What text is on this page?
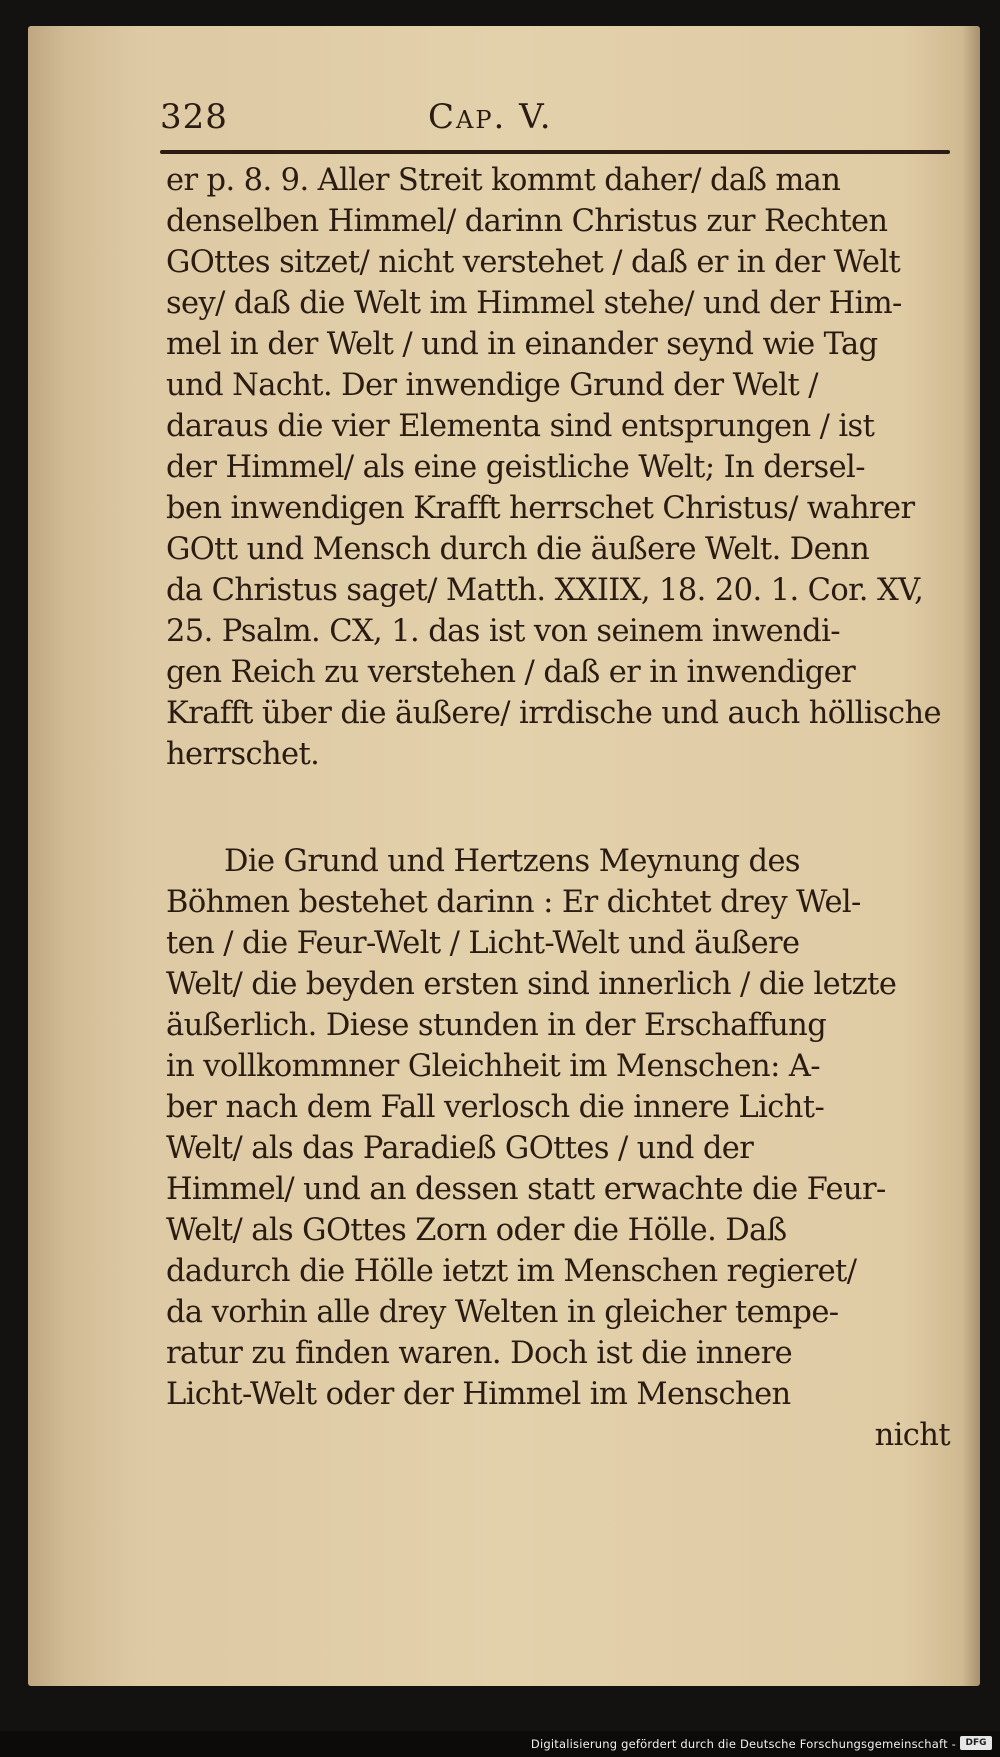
328	Cap. V.
er p. 8. 9. Aller Streit kommt daher/ daß man
denselben Himmel/ darinn Christus zur Rechten
GOttes sitzet/ nicht verstehet / daß er in der Welt
sey/ daß die Welt im Himmel stehe/ und der Him-
mel in der Welt / und in einander seynd wie Tag
und Nacht. Der inwendige Grund der Welt /
daraus die vier Elementa sind entsprungen / ist
der Himmel/ als eine geistliche Welt; In dersel-
ben inwendigen Krafft herrschet Christus/ wahrer
GOtt und Mensch durch die äußere Welt. Denn
da Christus saget/ Matth. XXIIX, 18. 20. 1. Cor. XV,
25. Psalm. CX, 1. das ist von seinem inwendi-
gen Reich zu verstehen / daß er in inwendiger
Krafft über die äußere/ irrdische und auch höllische
herrschet.
Die Grund und Hertzens Meynung des
Böhmen bestehet darinn : Er dichtet drey Wel-
ten / die Feur-Welt / Licht-Welt und äußere
Welt/ die beyden ersten sind innerlich / die letzte
äußerlich. Diese stunden in der Erschaffung
in vollkommner Gleichheit im Menschen: A-
ber nach dem Fall verlosch die innere Licht-
Welt/ als das Paradieß GOttes / und der
Himmel/ und an dessen statt erwachte die Feur-
Welt/ als GOttes Zorn oder die Hölle. Daß
dadurch die Hölle ietzt im Menschen regieret/
da vorhin alle drey Welten in gleicher tempe-
ratur zu finden waren. Doch ist die innere
Licht-Welt oder der Himmel im Menschen
nicht
Digitalisierung gefördert durch die Deutsche Forschungsgemeinschaft -	DFG
